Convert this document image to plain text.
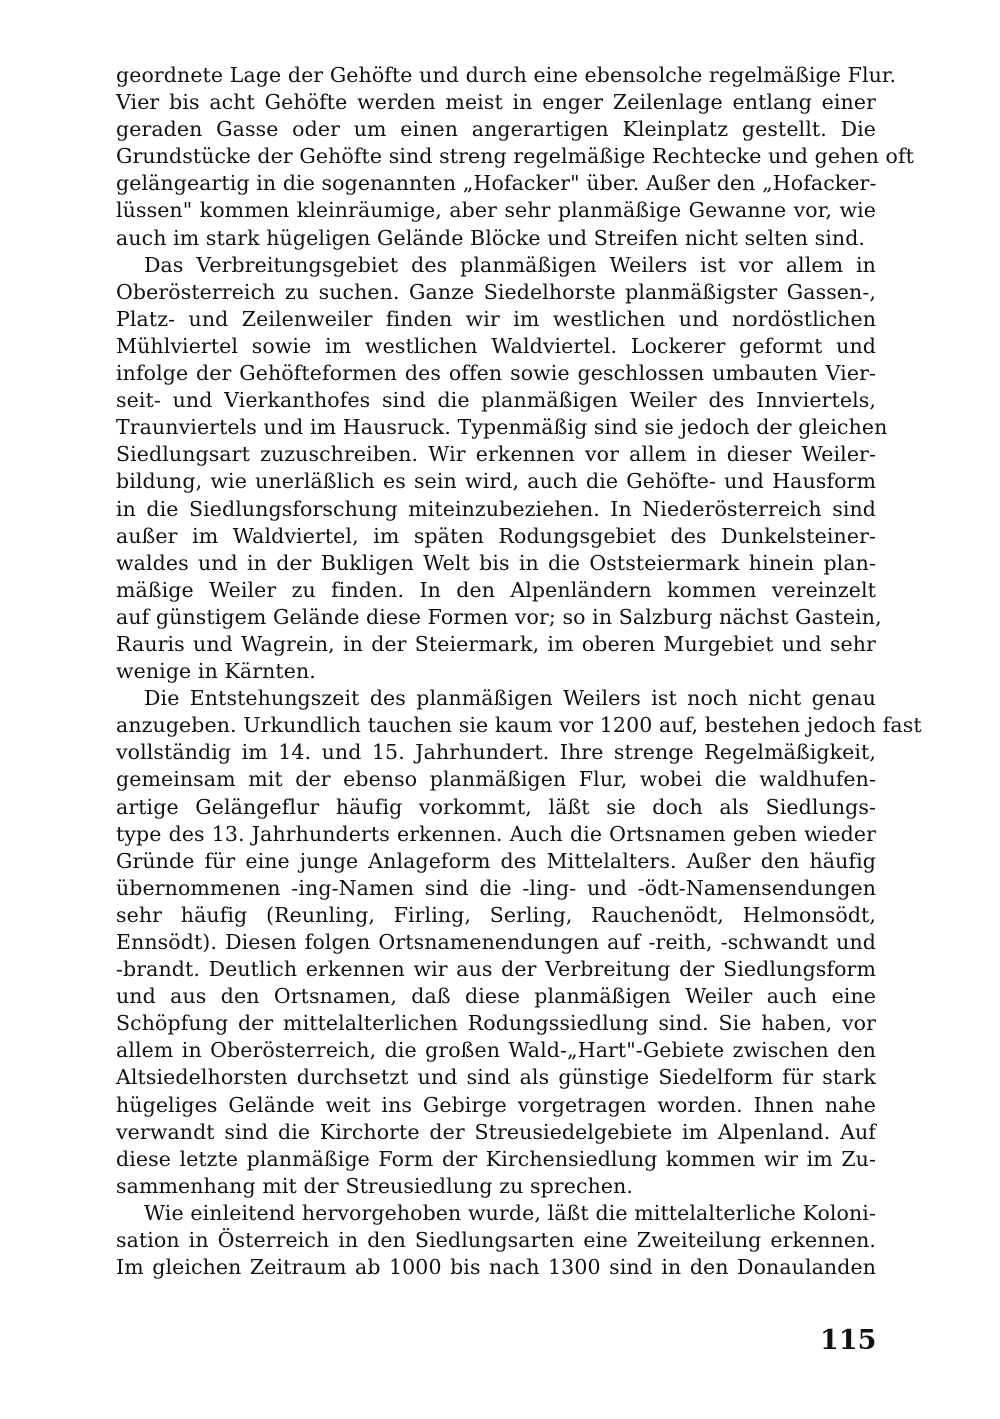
geordnete Lage der Gehöfte und durch eine ebensolche regelmäßige Flur.
Vier bis acht Gehöfte werden meist in enger Zeilenlage entlang einer
geraden Gasse oder um einen angerartigen Kleinplatz gestellt. Die
Grundstücke der Gehöfte sind streng regelmäßige Rechtecke und gehen oft
gelängeartig in die sogenannten „Hofacker" über. Außer den „Hofacker-
lüssen" kommen kleinräumige, aber sehr planmäßige Gewanne vor, wie
auch im stark hügeligen Gelände Blöcke und Streifen nicht selten sind.
Das Verbreitungsgebiet des planmäßigen Weilers ist vor allem in
Oberösterreich zu suchen. Ganze Siedelhorste planmäßigster Gassen-,
Platz- und Zeilenweiler finden wir im westlichen und nordöstlichen
Mühlviertel sowie im westlichen Waldviertel. Lockerer geformt und
infolge der Gehöfteformen des offen sowie geschlossen umbauten Vier-
seit- und Vierkanthofes sind die planmäßigen Weiler des Innviertels,
Traunviertels und im Hausruck. Typenmäßig sind sie jedoch der gleichen
Siedlungsart zuzuschreiben. Wir erkennen vor allem in dieser Weiler-
bildung, wie unerläßlich es sein wird, auch die Gehöfte- und Hausform
in die Siedlungsforschung miteinzubeziehen. In Niederösterreich sind
außer im Waldviertel, im späten Rodungsgebiet des Dunkelsteiner-
waldes und in der Bukligen Welt bis in die Oststeiermark hinein plan-
mäßige Weiler zu finden. In den Alpenländern kommen vereinzelt
auf günstigem Gelände diese Formen vor; so in Salzburg nächst Gastein,
Rauris und Wagrein, in der Steiermark, im oberen Murgebiet und sehr
wenige in Kärnten.
Die Entstehungszeit des planmäßigen Weilers ist noch nicht genau
anzugeben. Urkundlich tauchen sie kaum vor 1200 auf, bestehen jedoch fast
vollständig im 14. und 15. Jahrhundert. Ihre strenge Regelmäßigkeit,
gemeinsam mit der ebenso planmäßigen Flur, wobei die waldhufen-
artige Gelängeflur häufig vorkommt, läßt sie doch als Siedlungs-
type des 13. Jahrhunderts erkennen. Auch die Ortsnamen geben wieder
Gründe für eine junge Anlageform des Mittelalters. Außer den häufig
übernommenen -ing-Namen sind die -ling- und -ödt-Namensendungen
sehr häufig (Reunling, Firling, Serling, Rauchenödt, Helmonsödt,
Ennsödt). Diesen folgen Ortsnamenendungen auf -reith, -schwandt und
-brandt. Deutlich erkennen wir aus der Verbreitung der Siedlungsform
und aus den Ortsnamen, daß diese planmäßigen Weiler auch eine
Schöpfung der mittelalterlichen Rodungssiedlung sind. Sie haben, vor
allem in Oberösterreich, die großen Wald-„Hart"-Gebiete zwischen den
Altsiedelhorsten durchsetzt und sind als günstige Siedelform für stark
hügeliges Gelände weit ins Gebirge vorgetragen worden. Ihnen nahe
verwandt sind die Kirchorte der Streusiedelgebiete im Alpenland. Auf
diese letzte planmäßige Form der Kirchensiedlung kommen wir im Zu-
sammenhang mit der Streusiedlung zu sprechen.
Wie einleitend hervorgehoben wurde, läßt die mittelalterliche Koloni-
sation in Österreich in den Siedlungsarten eine Zweiteilung erkennen.
Im gleichen Zeitraum ab 1000 bis nach 1300 sind in den Donaulanden
115
